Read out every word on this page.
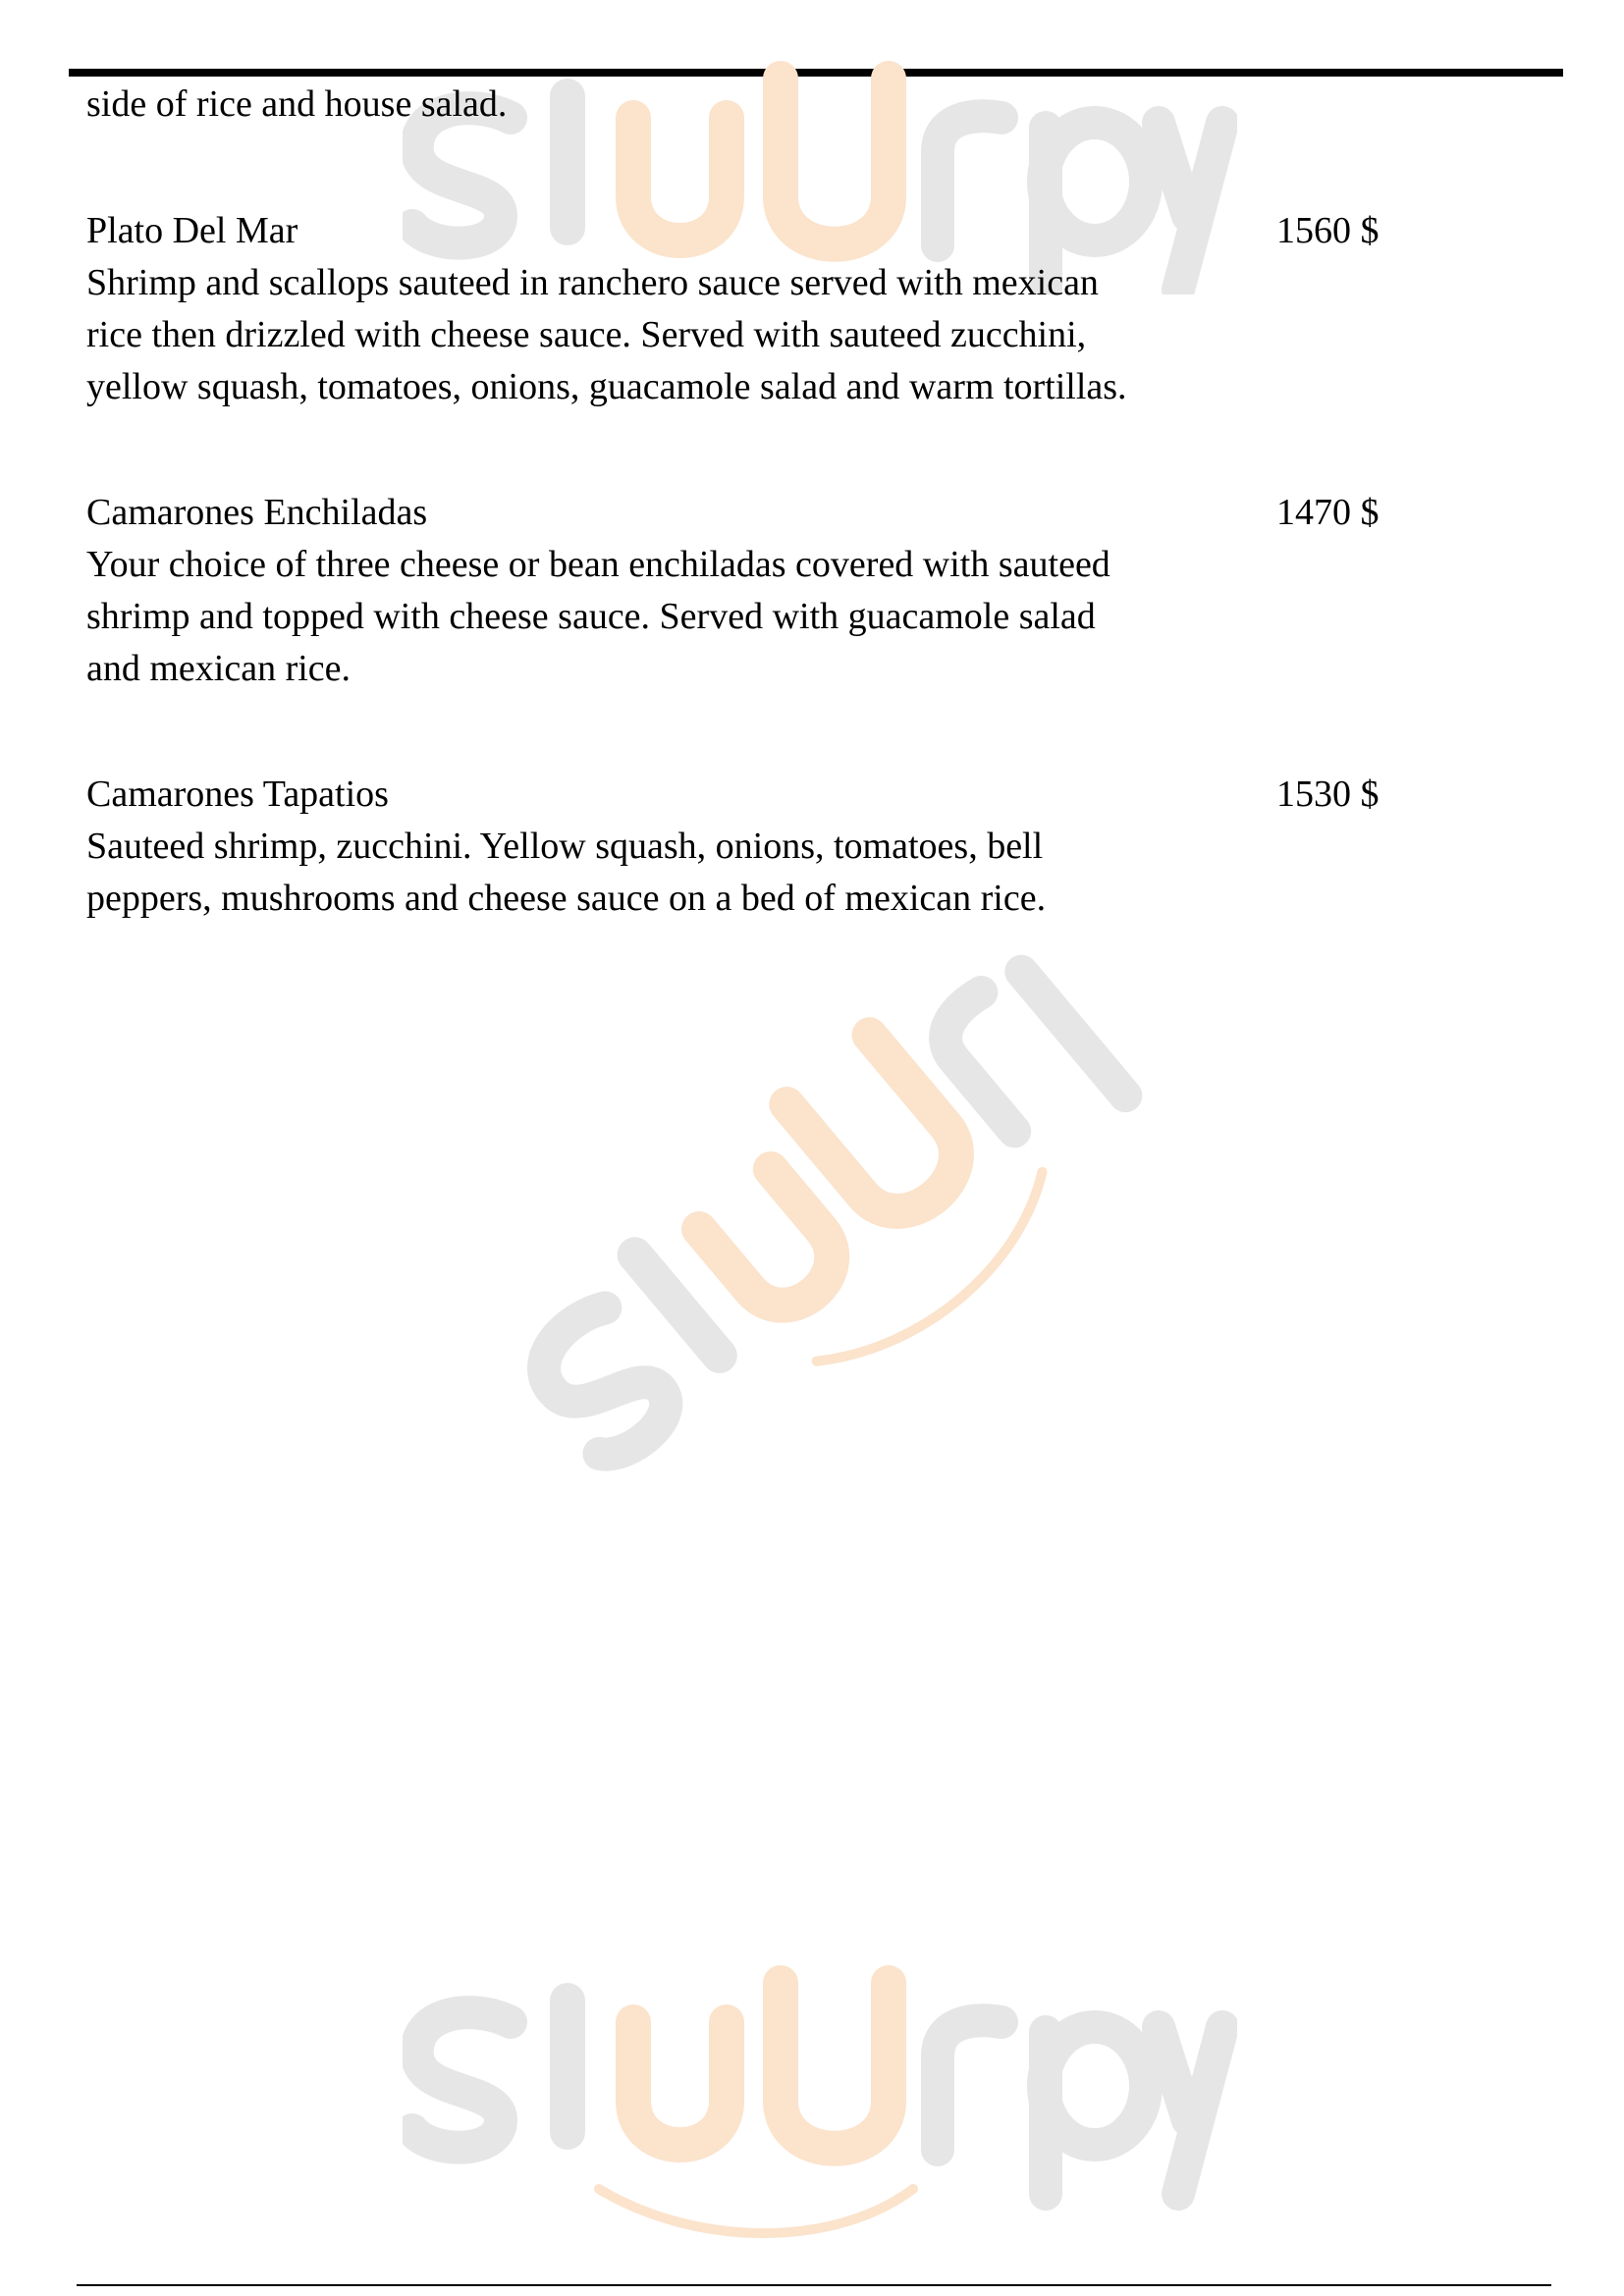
side of rice and house salad.
Plato Del Mar	1560 $
Shrimp and scallops sauteed in ranchero sauce served with mexican
rice then drizzled with cheese sauce. Served with sauteed zucchini,
yellow squash, tomatoes, onions, guacamole salad and warm tortillas.
Camarones Enchiladas	1470 $
Your choice of three cheese or bean enchiladas covered with sauteed
shrimp and topped with cheese sauce. Served with guacamole salad
and mexican rice.
Camarones Tapatios	1530 $
Sauteed shrimp, zucchini. Yellow squash, onions, tomatoes, bell
peppers, mushrooms and cheese sauce on a bed of mexican rice.
